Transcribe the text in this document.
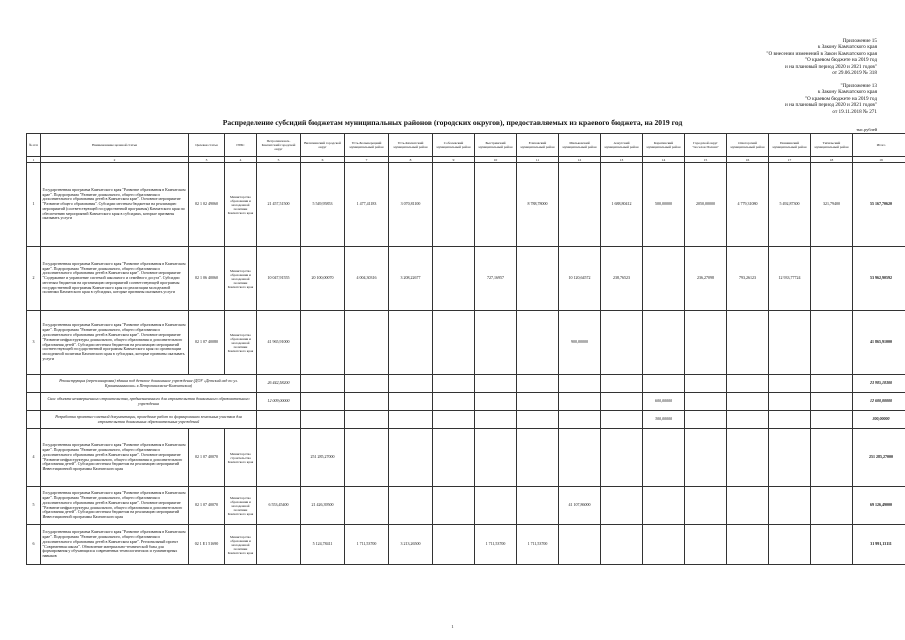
Приложение 15
к Закону Камчатского края
"О внесении изменений в Закон Камчатского края
"О краевом бюджете на 2019 год
и на плановый период 2020 и 2021 годов"
от 29.06.2019 № 318
"Приложение 13
к Закону Камчатского края
"О краевом бюджете на 2019 год
и на плановый период 2020 и 2021 годов"
от 19.11.2018 № 271
Распределение субсидий бюджетам муниципальных районов (городских округов), предоставляемых из краевого бюджета, на 2019 год
тыс.рублей
№ п/п	Наименование целевой статьи	Целевая статья	ГРБС	Петропавловск-Камчатский городской округ	Вилючинский городской округ	Усть-Большерецкий муниципальный район	Усть-Камчатский муниципальный район	Соболевский муниципальный район	Быстринский муниципальный район	Елизовский муниципальный район	Мильковский муниципальный район	Алеутский муниципальный район	Карагинский муниципальный район	Городской округ "поселок Палана"	Олюторский муниципальный район	Пенжинский муниципальный район	Тигильский муниципальный район	Итого
1	2	3	4	5	6	7	8	9	10	11	12	13	14	15	16	17	18	19
1	Государственная программа Камчатского края "Развитие образования в Камчатском крае". Подпрограмма "Развитие дошкольного, общего образования и дополнительного образования детей в Камчатском крае". Основное мероприятие "Развитие общего образования". Субсидии местным бюджетам на реализацию мероприятий (соответствующей государственной программы) Камчатского края по обеспечению мероприятий Камчатского края в субсидиях, которые призваны оказывать услуги	02 1 02 49060	Министерство образования и молодежной политики Камчатского края	21 457,51500	5 549,95853	1 477,41183	3 070,81100			8 788,78000		1 688,80412	500,00000	2050,00000	4 779,31080	5 492,87300	321,79400	55 167,70620
2	Государственная программа Камчатского края "Развитие образования в Камчатском крае". Подпрограмма "Развитие дошкольного, общего образования и дополнительного образования детей в Камчатском крае". Основное мероприятие "Содержание и управление системой школьного и семейного досуга". Субсидии местным бюджетам на организацию мероприятий соответствующей программы государственной программы Камчатского края по реализации молодежной политики Камчатского края в субсидиях, которые призваны оказывать услуги	02 1 06 40060	Министерство образования и молодежной политики Камчатского края	10 047,91555	20 100,00070	4 004,30316	3 208,22677		727,16957		10 120,64572	238,76523		236,27098	793,26123	12 933,77724		53 962,90592
3	Государственная программа Камчатского края "Развитие образования в Камчатском крае". Подпрограмма "Развитие дошкольного, общего образования и дополнительного образования детей в Камчатском крае". Основное мероприятие "Развитие инфраструктуры дошкольного, общего образования и дополнительного образования детей". Субсидии местным бюджетам на реализацию мероприятий соответствующей государственной программы Камчатского края по организации молодежной политики Камчатского края в субсидиях, которые призваны оказывать услуги	02 1 07 40080	Министерство образования и молодежной политики Камчатского края	41 965,91000							900,00000							41 865,91000
	Реконструкция (перепланировка) здания под детское дошкольное учреждение (ДОУ «Детский сад по ул. Крашенинникова» в Петропавловске-Камчатском)			26 442,58200														23 985,18300
	Снос объекта незавершенного строительства, предназначенного для строительства дошкольного образовательного учреждения			12 009,00000									600,00000					12 600,00000
	Разработка проектно-сметной документации, проведение работ по формированию земельных участков для строительства дошкольных образовательных учреждений												300,00000					300,00000
4	Государственная программа Камчатского края "Развитие образования в Камчатском крае". Подпрограмма "Развитие дошкольного, общего образования и дополнительного образования детей в Камчатском крае". Основное мероприятие "Развитие инфраструктуры дошкольного, общего образования и дополнительного образования детей". Субсидии местным бюджетам на реализацию мероприятий Инвестиционной программы Камчатского края	02 1 07 40070	Министерство строительства Камчатского края		251 285,27000													251 285,27000
5	Государственная программа Камчатского края "Развитие образования в Камчатском крае". Подпрограмма "Развитие дошкольного, общего образования и дополнительного образования детей в Камчатском крае". Основное мероприятие "Развитие инфраструктуры дошкольного, общего образования и дополнительного образования детей". Субсидии местным бюджетам на реализацию мероприятий Инвестиционной программы Камчатского края	02 1 07 40070	Министерство образования и молодежной политики Камчатского края	6 553,45400	21 426,39500						41 107,86000							69 126,49000
6	Государственная программа Камчатского края "Развитие образования в Камчатском крае". Подпрограмма "Развитие дошкольного, общего образования и дополнительного образования детей в Камчатском крае". Региональный проект "Современная школа". Обновление материально-технической базы для формирования у обучающихся современных технологических и гуманитарных навыков	02 1 Е1 51690	Министерство образования и молодежной политики Камчатского края		5 124,78411	1 711,53700	3 213,26500		1 711,53700	1 711,53700								31 991,13111
1
